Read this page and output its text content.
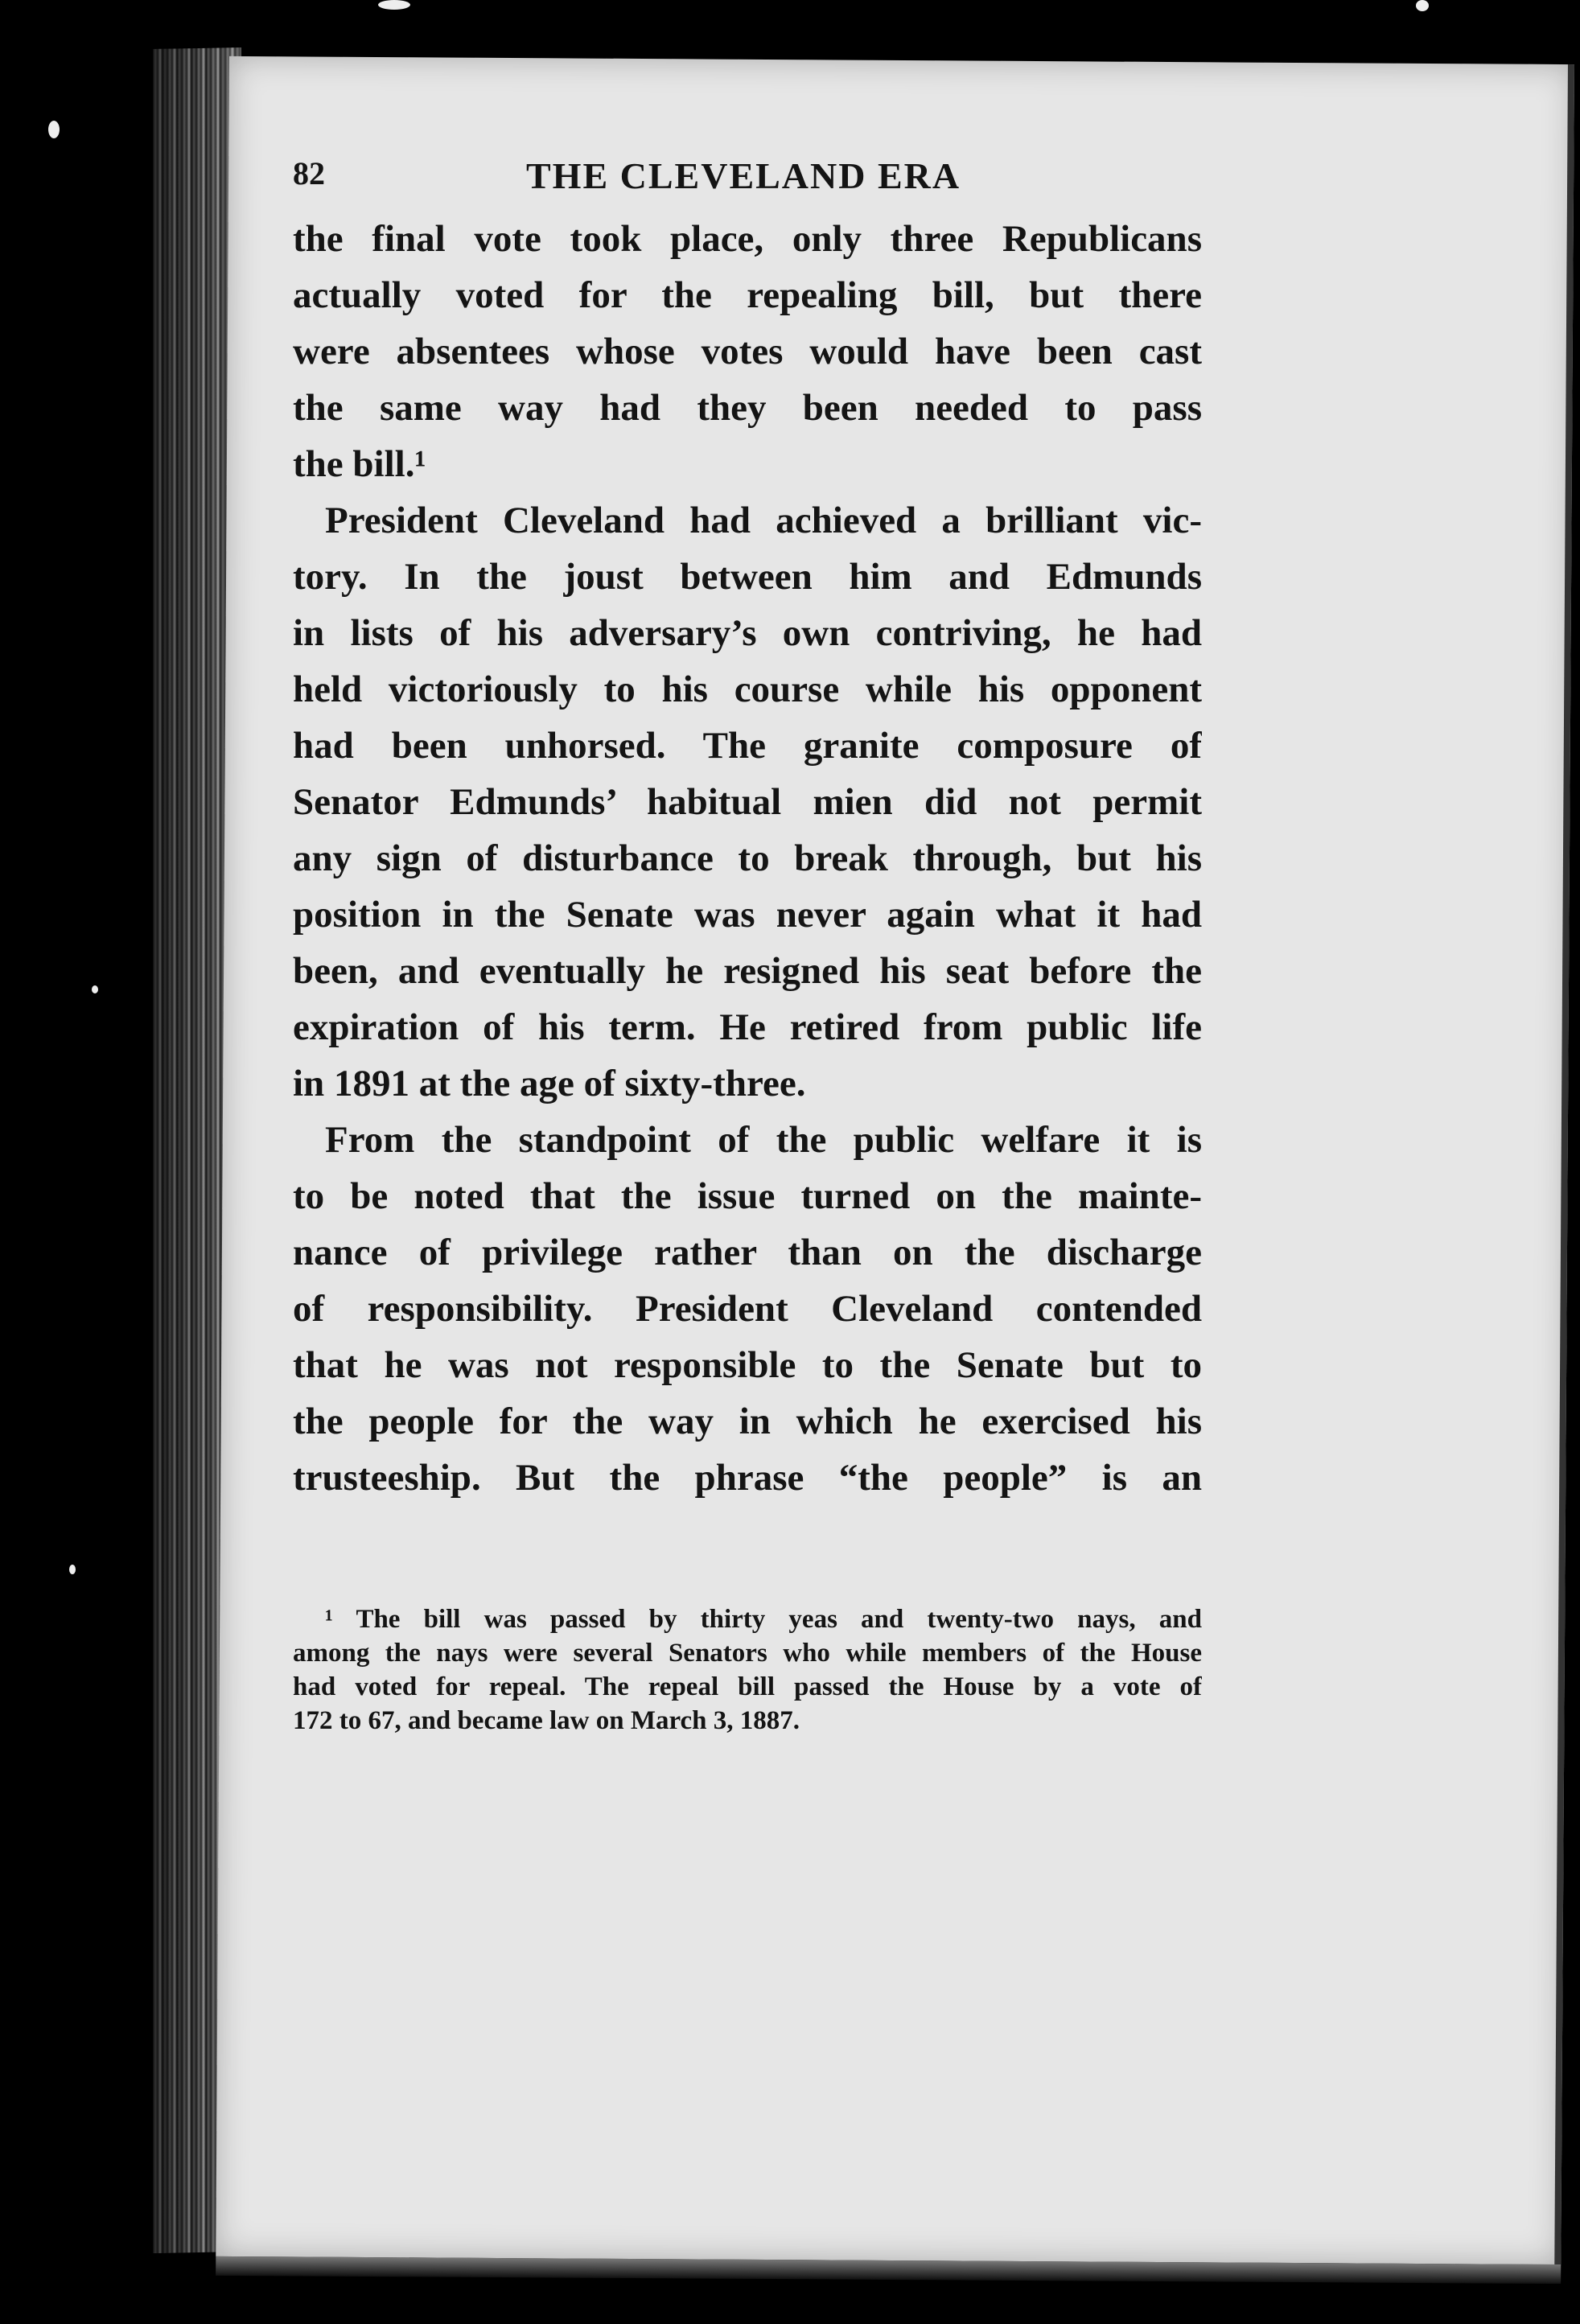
82	THE CLEVELAND ERA
the final vote took place, only three Republicans
actually voted for the repealing bill, but there
were absentees whose votes would have been cast
the same way had they been needed to pass
the bill.¹
President Cleveland had achieved a brilliant vic-
tory. In the joust between him and Edmunds
in lists of his adversary’s own contriving, he had
held victoriously to his course while his opponent
had been unhorsed. The granite composure of
Senator Edmunds’ habitual mien did not permit
any sign of disturbance to break through, but his
position in the Senate was never again what it had
been, and eventually he resigned his seat before the
expiration of his term. He retired from public life
in 1891 at the age of sixty-three.
From the standpoint of the public welfare it is
to be noted that the issue turned on the mainte-
nance of privilege rather than on the discharge
of responsibility. President Cleveland contended
that he was not responsible to the Senate but to
the people for the way in which he exercised his
trusteeship. But the phrase “the people” is an
¹ The bill was passed by thirty yeas and twenty-two nays, and
among the nays were several Senators who while members of the House
had voted for repeal. The repeal bill passed the House by a vote of
172 to 67, and became law on March 3, 1887.
